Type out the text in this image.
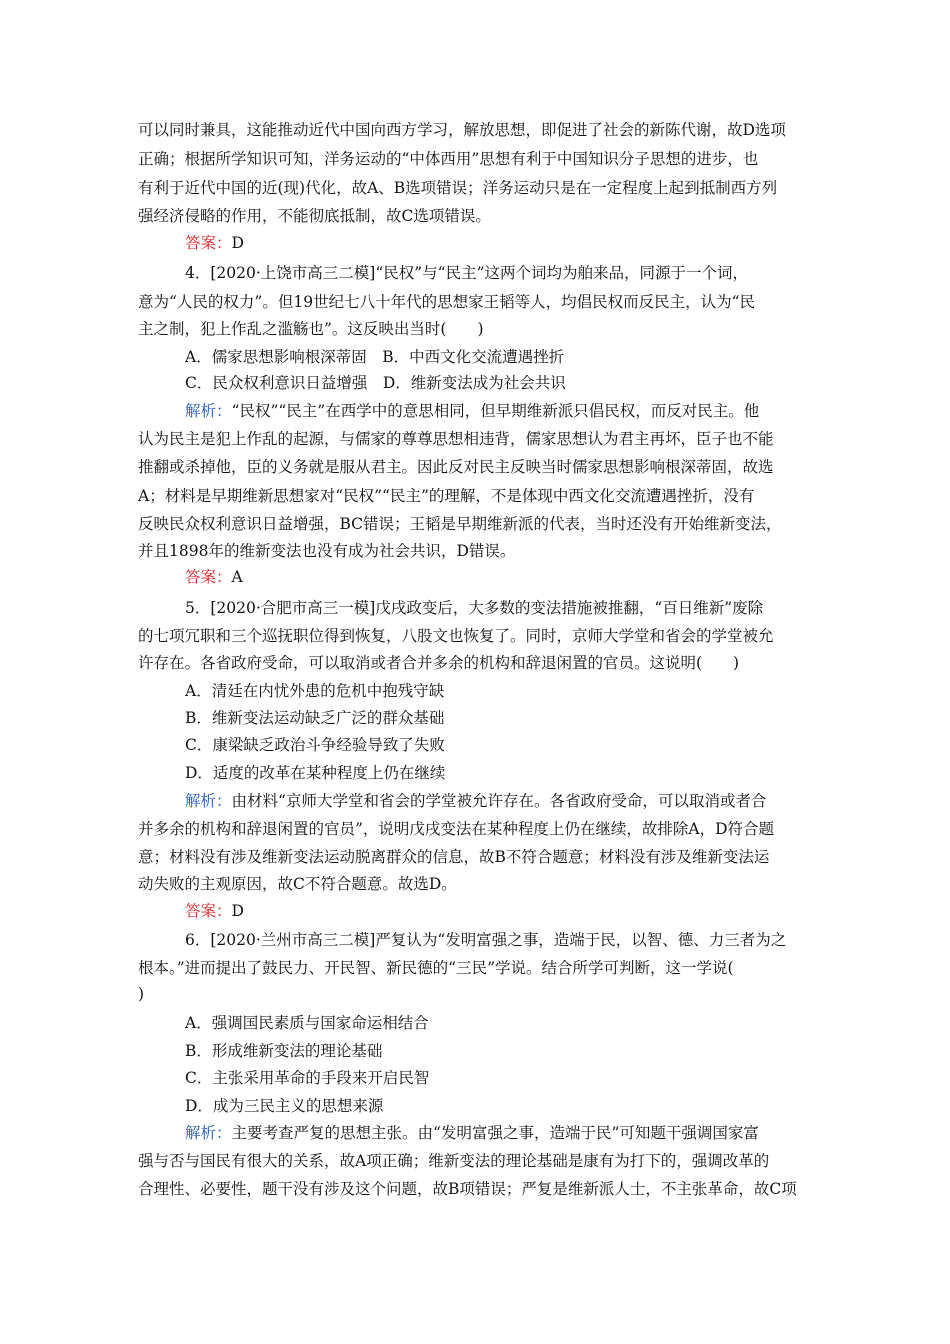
可以同时兼具，这能推动近代中国向西方学习，解放思想，即促进了社会的新陈代谢，故D选项
正确；根据所学知识可知，洋务运动的“中体西用”思想有利于中国知识分子思想的进步，也
有利于近代中国的近(现)代化，故A、B选项错误；洋务运动只是在一定程度上起到抵制西方列
强经济侵略的作用，不能彻底抵制，故C选项错误。
答案：D
4．[2020·上饶市高三二模]“民权”与“民主”这两个词均为舶来品，同源于一个词，
意为“人民的权力”。但19世纪七八十年代的思想家王韬等人，均倡民权而反民主，认为“民
主之制，犯上作乱之滥觞也”。这反映出当时(　　)
A．儒家思想影响根深蒂固　B．中西文化交流遭遇挫折
C．民众权利意识日益增强　D．维新变法成为社会共识
解析：“民权”“民主”在西学中的意思相同，但早期维新派只倡民权，而反对民主。他
认为民主是犯上作乱的起源，与儒家的尊尊思想相违背，儒家思想认为君主再坏，臣子也不能
推翻或杀掉他，臣的义务就是服从君主。因此反对民主反映当时儒家思想影响根深蒂固，故选
A；材料是早期维新思想家对“民权”“民主”的理解，不是体现中西文化交流遭遇挫折，没有
反映民众权利意识日益增强，BC错误；王韬是早期维新派的代表，当时还没有开始维新变法，
并且1898年的维新变法也没有成为社会共识，D错误。
答案：A
5．[2020·合肥市高三一模]戊戌政变后，大多数的变法措施被推翻，“百日维新”废除
的七项冗职和三个巡抚职位得到恢复，八股文也恢复了。同时，京师大学堂和省会的学堂被允
许存在。各省政府受命，可以取消或者合并多余的机构和辞退闲置的官员。这说明(　　)
A．清廷在内忧外患的危机中抱残守缺
B．维新变法运动缺乏广泛的群众基础
C．康梁缺乏政治斗争经验导致了失败
D．适度的改革在某种程度上仍在继续
解析：由材料“京师大学堂和省会的学堂被允许存在。各省政府受命，可以取消或者合
并多余的机构和辞退闲置的官员”，说明戊戌变法在某种程度上仍在继续，故排除A，D符合题
意；材料没有涉及维新变法运动脱离群众的信息，故B不符合题意；材料没有涉及维新变法运
动失败的主观原因，故C不符合题意。故选D。
答案：D
6．[2020·兰州市高三二模]严复认为“发明富强之事，造端于民，以智、德、力三者为之
根本。”进而提出了鼓民力、开民智、新民德的“三民”学说。结合所学可判断，这一学说(
)
A．强调国民素质与国家命运相结合
B．形成维新变法的理论基础
C．主张采用革命的手段来开启民智
D．成为三民主义的思想来源
解析：主要考查严复的思想主张。由“发明富强之事，造端于民”可知题干强调国家富
强与否与国民有很大的关系，故A项正确；维新变法的理论基础是康有为打下的，强调改革的
合理性、必要性，题干没有涉及这个问题，故B项错误；严复是维新派人士，不主张革命，故C项
